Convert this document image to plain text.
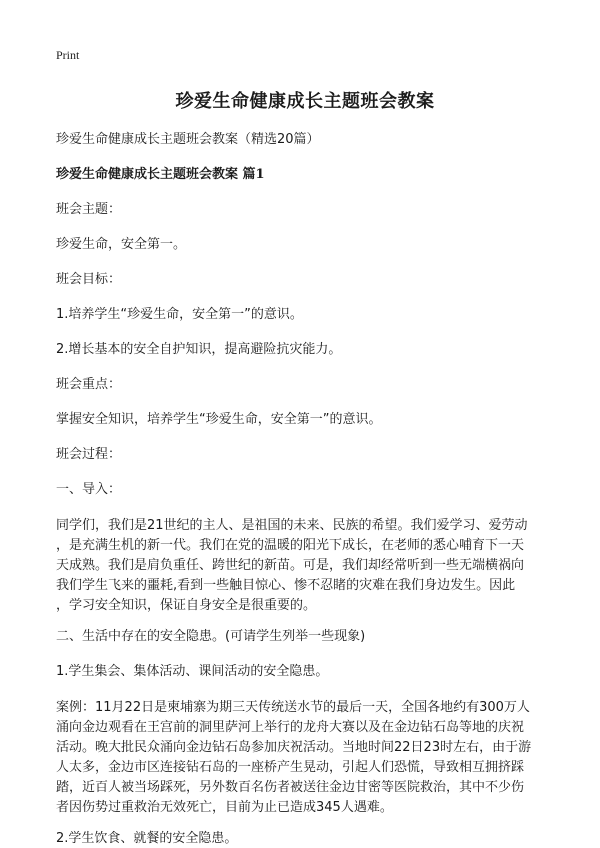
Print
珍爱生命健康成长主题班会教案

珍爱生命健康成长主题班会教案（精选20篇）

珍爱生命健康成长主题班会教案 篇1

班会主题：

珍爱生命，安全第一。

班会目标：

1.培养学生“珍爱生命，安全第一”的意识。

2.增长基本的安全自护知识，提高避险抗灾能力。

班会重点：

掌握安全知识，培养学生“珍爱生命，安全第一”的意识。

班会过程：

一、导入：

同学们，我们是21世纪的主人、是祖国的未来、民族的希望。我们爱学习、爱劳动

，是充满生机的新一代。我们在党的温暖的阳光下成长，在老师的悉心哺育下一天

天成熟。我们是肩负重任、跨世纪的新苗。可是，我们却经常听到一些无端横祸向

我们学生飞来的噩耗,看到一些触目惊心、惨不忍睹的灾难在我们身边发生。因此

，学习安全知识，保证自身安全是很重要的。

二、生活中存在的安全隐患。(可请学生列举一些现象)

1.学生集会、集体活动、课间活动的安全隐患。

案例：11月22日是柬埔寨为期三天传统送水节的最后一天，全国各地约有300万人

涌向金边观看在王宫前的洞里萨河上举行的龙舟大赛以及在金边钻石岛等地的庆祝

活动。晚大批民众涌向金边钻石岛参加庆祝活动。当地时间22日23时左右，由于游

人太多，金边市区连接钻石岛的一座桥产生晃动，引起人们恐慌，导致相互拥挤踩

踏，近百人被当场踩死，另外数百名伤者被送往金边甘密等医院救治，其中不少伤

者因伤势过重救治无效死亡，目前为止已造成345人遇难。

2.学生饮食、就餐的安全隐患。
